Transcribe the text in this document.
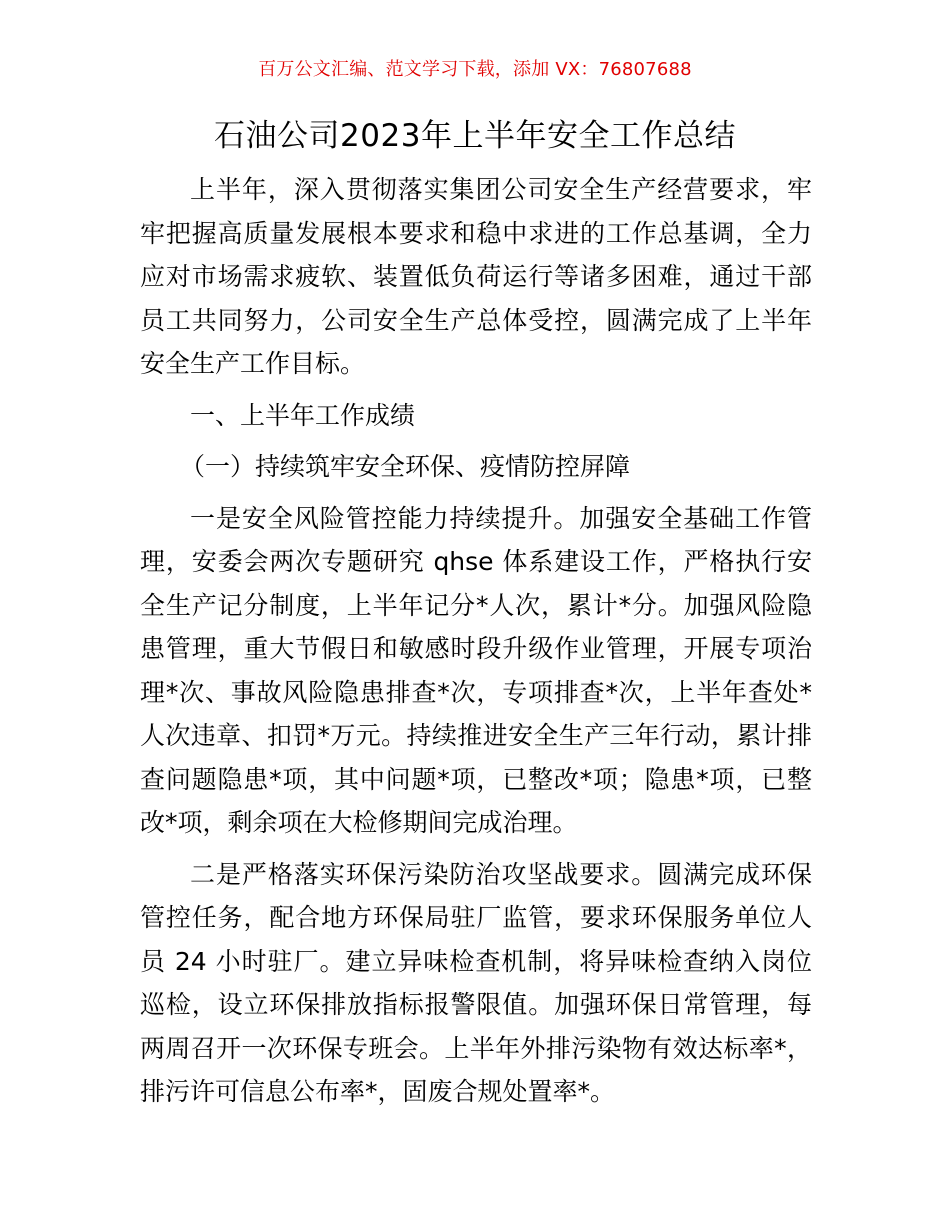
百万公文汇编、范文学习下载，添加 VX：76807688
石油公司2023年上半年安全工作总结

上半年，深入贯彻落实集团公司安全生产经营要求，牢牢把握高质量发展根本要求和稳中求进的工作总基调，全力应对市场需求疲软、装置低负荷运行等诸多困难，通过干部员工共同努力，公司安全生产总体受控，圆满完成了上半年安全生产工作目标。

一、上半年工作成绩

（一）持续筑牢安全环保、疫情防控屏障

一是安全风险管控能力持续提升。加强安全基础工作管理，安委会两次专题研究 qhse 体系建设工作，严格执行安全生产记分制度，上半年记分*人次，累计*分。加强风险隐患管理，重大节假日和敏感时段升级作业管理，开展专项治理*次、事故风险隐患排查*次，专项排查*次，上半年查处*人次违章、扣罚*万元。持续推进安全生产三年行动，累计排查问题隐患*项，其中问题*项，已整改*项；隐患*项，已整改*项，剩余项在大检修期间完成治理。

二是严格落实环保污染防治攻坚战要求。圆满完成环保管控任务，配合地方环保局驻厂监管，要求环保服务单位人员 24 小时驻厂。建立异味检查机制，将异味检查纳入岗位巡检，设立环保排放指标报警限值。加强环保日常管理，每两周召开一次环保专班会。上半年外排污染物有效达标率*，排污许可信息公布率*，固废合规处置率*。
